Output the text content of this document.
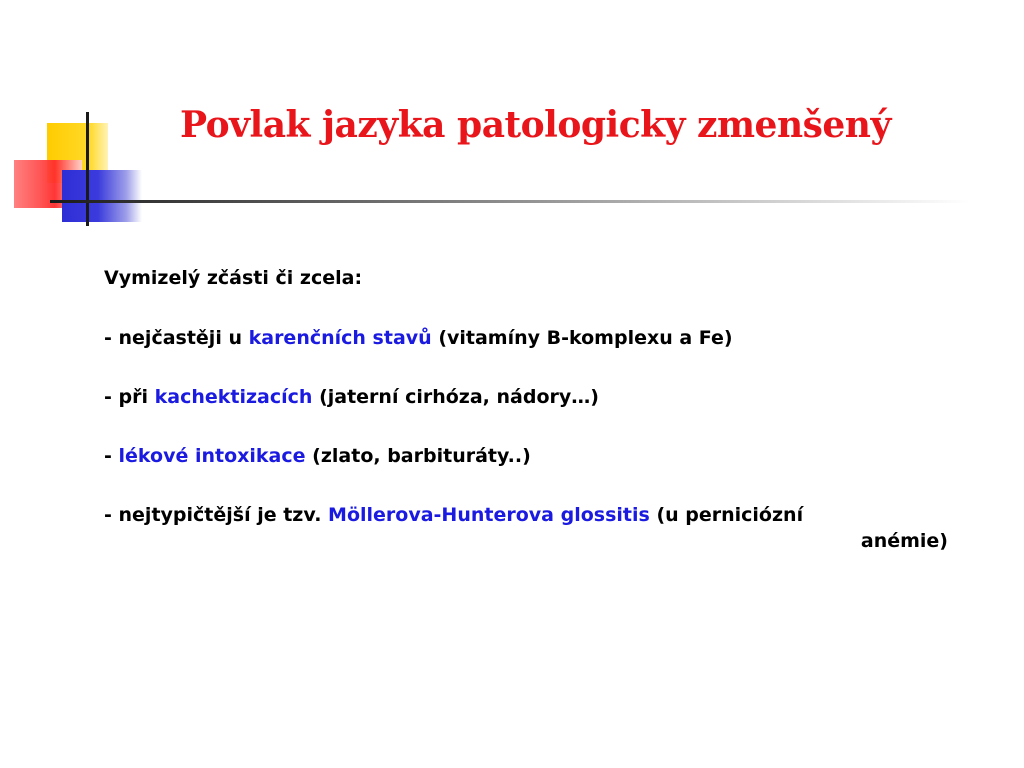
Povlak jazyka patologicky zmenšený

Vymizelý zčásti či zcela:

- nejčastěji u karenčních stavů (vitamíny B-komplexu a Fe)

- při kachektizacích (jaterní cirhóza, nádory…)

- lékové intoxikace (zlato, barbituráty..)

- nejtypičtější je tzv. Möllerova-Hunterova glossitis (u perniciózní

anémie)
